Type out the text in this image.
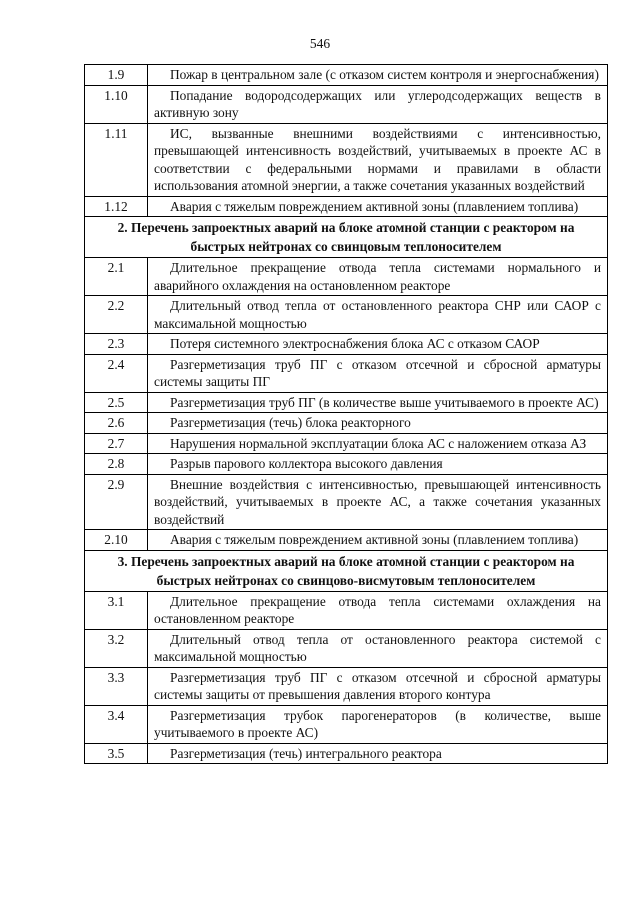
546
1.9	Пожар в центральном зале (с отказом систем контроля и энергоснабжения)

1.10	Попадание водородсодержащих или углеродсодержащих веществ в активную зону

1.11	ИС, вызванные внешними воздействиями с интенсивностью, превышающей интенсивность воздействий, учитываемых в проекте АС в соответствии с федеральными нормами и правилами в области использования атомной энергии, а также сочетания указанных воздействий

1.12	Авария с тяжелым повреждением активной зоны (плавлением топлива)

2. Перечень запроектных аварий на блоке атомной станции с реактором на быстрых нейтронах со свинцовым теплоносителем	
2.1	Длительное прекращение отвода тепла системами нормального и аварийного охлаждения на остановленном реакторе

2.2	Длительный отвод тепла от остановленного реактора СНР или САОР с максимальной мощностью

2.3	Потеря системного электроснабжения блока АС с отказом САОР

2.4	Разгерметизация труб ПГ с отказом отсечной и сбросной арматуры системы защиты ПГ

2.5	Разгерметизация труб ПГ (в количестве выше учитываемого в проекте АС)

2.6	Разгерметизация (течь) блока реакторного

2.7	Нарушения нормальной эксплуатации блока АС с наложением отказа АЗ

2.8	Разрыв парового коллектора высокого давления

2.9	Внешние воздействия с интенсивностью, превышающей интенсивность воздействий, учитываемых в проекте АС, а также сочетания указанных воздействий

2.10	Авария с тяжелым повреждением активной зоны (плавлением топлива)

3. Перечень запроектных аварий на блоке атомной станции с реактором на быстрых нейтронах со свинцово-висмутовым теплоносителем	
3.1	Длительное прекращение отвода тепла системами охлаждения на остановленном реакторе

3.2	Длительный отвод тепла от остановленного реактора системой с максимальной мощностью

3.3	Разгерметизация труб ПГ с отказом отсечной и сбросной арматуры системы защиты от превышения давления второго контура

3.4	Разгерметизация трубок парогенераторов (в количестве, выше учитываемого в проекте АС)

3.5	Разгерметизация (течь) интегрального реактора
